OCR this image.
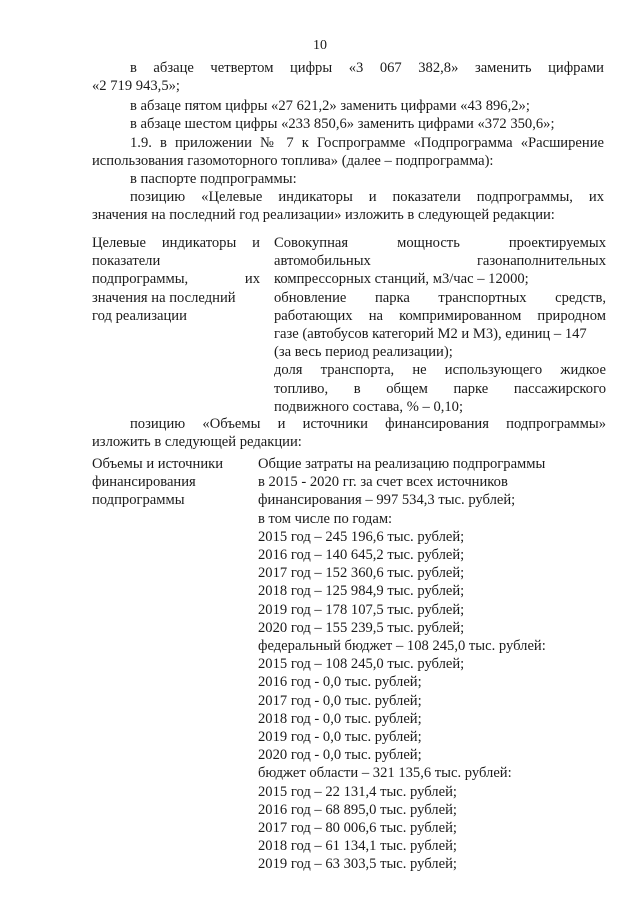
10
в абзаце четвертом цифры «3 067 382,8» заменить цифрами
«2 719 943,5»;
в абзаце пятом цифры «27 621,2» заменить цифрами «43 896,2»;
в абзаце шестом цифры «233 850,6» заменить цифрами «372 350,6»;
1.9. в приложении № 7 к Госпрограмме «Подпрограмма «Расширение
использования газомоторного топлива» (далее – подпрограмма):
в паспорте подпрограммы:
позицию «Целевые индикаторы и показатели подпрограммы, их
значения на последний год реализации» изложить в следующей редакции:
Целевые индикаторы и
показатели
подпрограммы, их
значения на последний
год реализации
Совокупная мощность проектируемых
автомобильных газонаполнительных
компрессорных станций, м3/час – 12000;
обновление парка транспортных средств,
работающих на компримированном природном
газе (автобусов категорий М2 и М3), единиц – 147
(за весь период реализации);
доля транспорта, не использующего жидкое
топливо, в общем парке пассажирского
подвижного состава, % – 0,10;
позицию «Объемы и источники финансирования подпрограммы»
изложить в следующей редакции:
Объемы и источники
финансирования
подпрограммы
Общие затраты на реализацию подпрограммы
в 2015 - 2020 гг. за счет всех источников
финансирования – 997 534,3 тыс. рублей;
в том числе по годам:
2015 год – 245 196,6 тыс. рублей;
2016 год – 140 645,2 тыс. рублей;
2017 год – 152 360,6 тыс. рублей;
2018 год – 125 984,9 тыс. рублей;
2019 год – 178 107,5 тыс. рублей;
2020 год – 155 239,5 тыс. рублей;
федеральный бюджет – 108 245,0 тыс. рублей:
2015 год – 108 245,0 тыс. рублей;
2016 год - 0,0 тыс. рублей;
2017 год - 0,0 тыс. рублей;
2018 год - 0,0 тыс. рублей;
2019 год - 0,0 тыс. рублей;
2020 год - 0,0 тыс. рублей;
бюджет области – 321 135,6 тыс. рублей:
2015 год – 22 131,4 тыс. рублей;
2016 год – 68 895,0 тыс. рублей;
2017 год – 80 006,6 тыс. рублей;
2018 год – 61 134,1 тыс. рублей;
2019 год – 63 303,5 тыс. рублей;
